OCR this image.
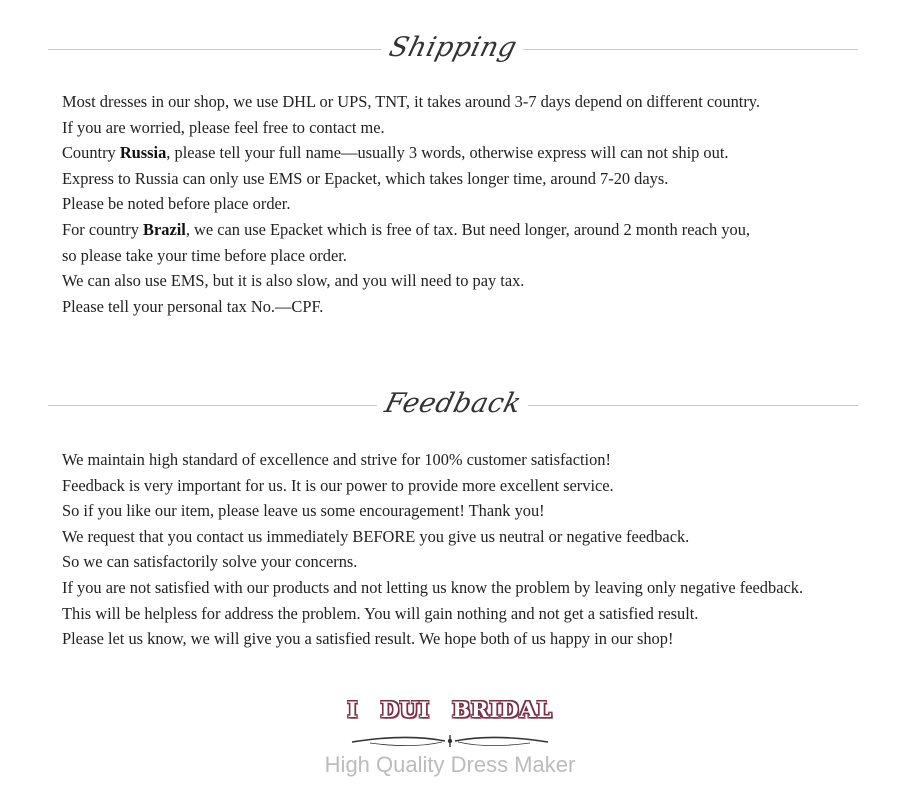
Shipping
Most dresses in our shop, we use DHL or UPS, TNT, it takes around 3-7 days depend on different country.
If you are worried, please feel free to contact me.
Country Russia, please tell your full name—usually 3 words, otherwise express will can not ship out.
Express to Russia can only use EMS or Epacket, which takes longer time, around 7-20 days.
Please be noted before place order.
For country Brazil, we can use Epacket which is free of tax. But need longer, around 2 month reach you,
so please take your time before place order.
We can also use EMS, but it is also slow, and you will need to pay tax.
Please tell your personal tax No.—CPF.
Feedback
We maintain high standard of excellence and strive for 100% customer satisfaction!
Feedback is very important for us. It is our power to provide more excellent service.
So if you like our item, please leave us some encouragement! Thank you!
We request that you contact us immediately BEFORE you give us neutral or negative feedback.
So we can satisfactorily solve your concerns.
If you are not satisfied with our products and not letting us know the problem by leaving only negative feedback.
This will be helpless for address the problem. You will gain nothing and not get a satisfied result.
Please let us know, we will give you a satisfied result. We hope both of us happy in our shop!
I DUI BRIDAL
High Quality Dress Maker
